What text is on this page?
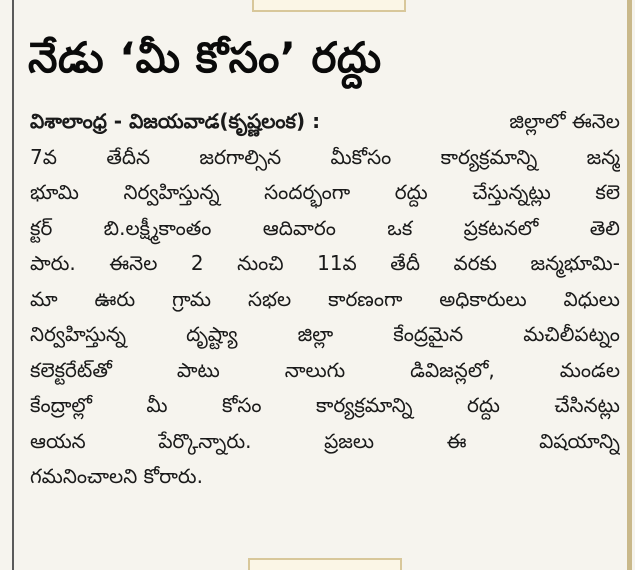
నేడు ‘మీ కోసం’ రద్దు
విశాలాంధ్ర - విజయవాడ(కృష్ణలంక) :	జిల్లాలో ఈనెల
7వ తేదీన జరగాల్సిన మీకోసం కార్యక్రమాన్ని జన్మ
భూమి నిర్వహిస్తున్న సందర్భంగా రద్దు చేస్తున్నట్లు కలె
క్టర్	బి.లక్ష్మీకాంతం	ఆదివారం	ఒక	ప్రకటనలో	తెలి
పారు. ఈనెల 2 నుంచి 11వ తేదీ వరకు జన్మభూమి-
మా ఊరు గ్రామ సభల కారణంగా అధికారులు విధులు
నిర్వహిస్తున్న	దృష్ట్యా	జిల్లా	కేంద్రమైన	మచిలీపట్నం
కలెక్టరేట్‌తో	పాటు	నాలుగు	డివిజన్లలో,	మండల
కేంద్రాల్లో	మీ	కోసం	కార్యక్రమాన్ని	రద్దు	చేసినట్లు
ఆయన	పేర్కొన్నారు.	ప్రజలు	ఈ	విషయాన్ని
గమనించాలని కోరారు.
